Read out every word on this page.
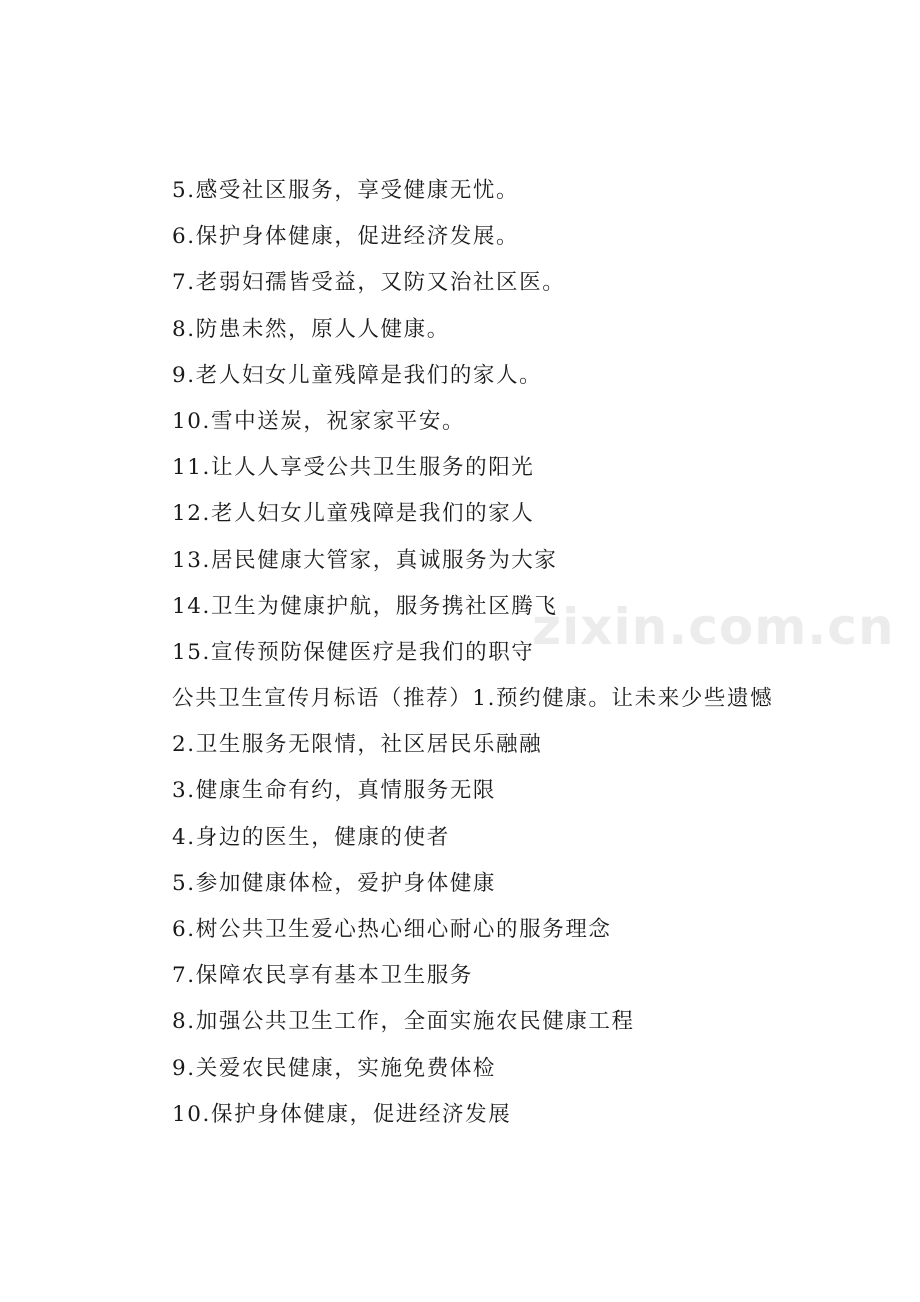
5.感受社区服务，享受健康无忧。
6.保护身体健康，促进经济发展。
7.老弱妇孺皆受益，又防又治社区医。
8.防患未然，原人人健康。
9.老人妇女儿童残障是我们的家人。
10.雪中送炭，祝家家平安。
11.让人人享受公共卫生服务的阳光
12.老人妇女儿童残障是我们的家人
13.居民健康大管家，真诚服务为大家
14.卫生为健康护航，服务携社区腾飞
15.宣传预防保健医疗是我们的职守
公共卫生宣传月标语（推荐）1.预约健康。让未来少些遗憾
2.卫生服务无限情，社区居民乐融融
3.健康生命有约，真情服务无限
4.身边的医生，健康的使者
5.参加健康体检，爱护身体健康
6.树公共卫生爱心热心细心耐心的服务理念
7.保障农民享有基本卫生服务
8.加强公共卫生工作，全面实施农民健康工程
9.关爱农民健康，实施免费体检
10.保护身体健康，促进经济发展
zixin.com.cn
